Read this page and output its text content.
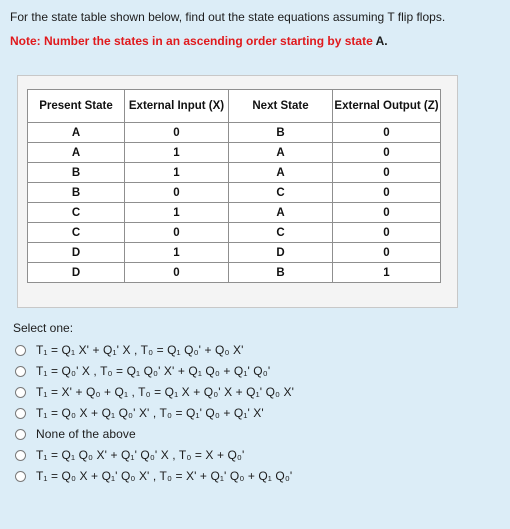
For the state table shown below, find out the state equations assuming T flip flops.

Note: Number the states in an ascending order starting by state A.

Present State	External Input (X)	Next State	External Output (Z)
A	0	B	0
A	1	A	0
B	1	A	0
B	0	C	0
C	1	A	0
C	0	C	0
D	1	D	0
D	0	B	1

Select one:

T₁ = Q₁ X' + Q₁' X , T₀ = Q₁ Q₀' + Q₀ X'
T₁ = Q₀' X , T₀ = Q₁ Q₀' X' + Q₁ Q₀ + Q₁' Q₀'
T₁ = X' + Q₀ + Q₁ , T₀ = Q₁ X + Q₀' X + Q₁' Q₀ X'
T₁ = Q₀ X + Q₁ Q₀' X' , T₀ = Q₁' Q₀ + Q₁' X'
None of the above
T₁ = Q₁ Q₀ X' + Q₁' Q₀' X , T₀ = X + Q₀'
T₁ = Q₀ X + Q₁' Q₀ X' , T₀ = X' + Q₁' Q₀ + Q₁ Q₀'
